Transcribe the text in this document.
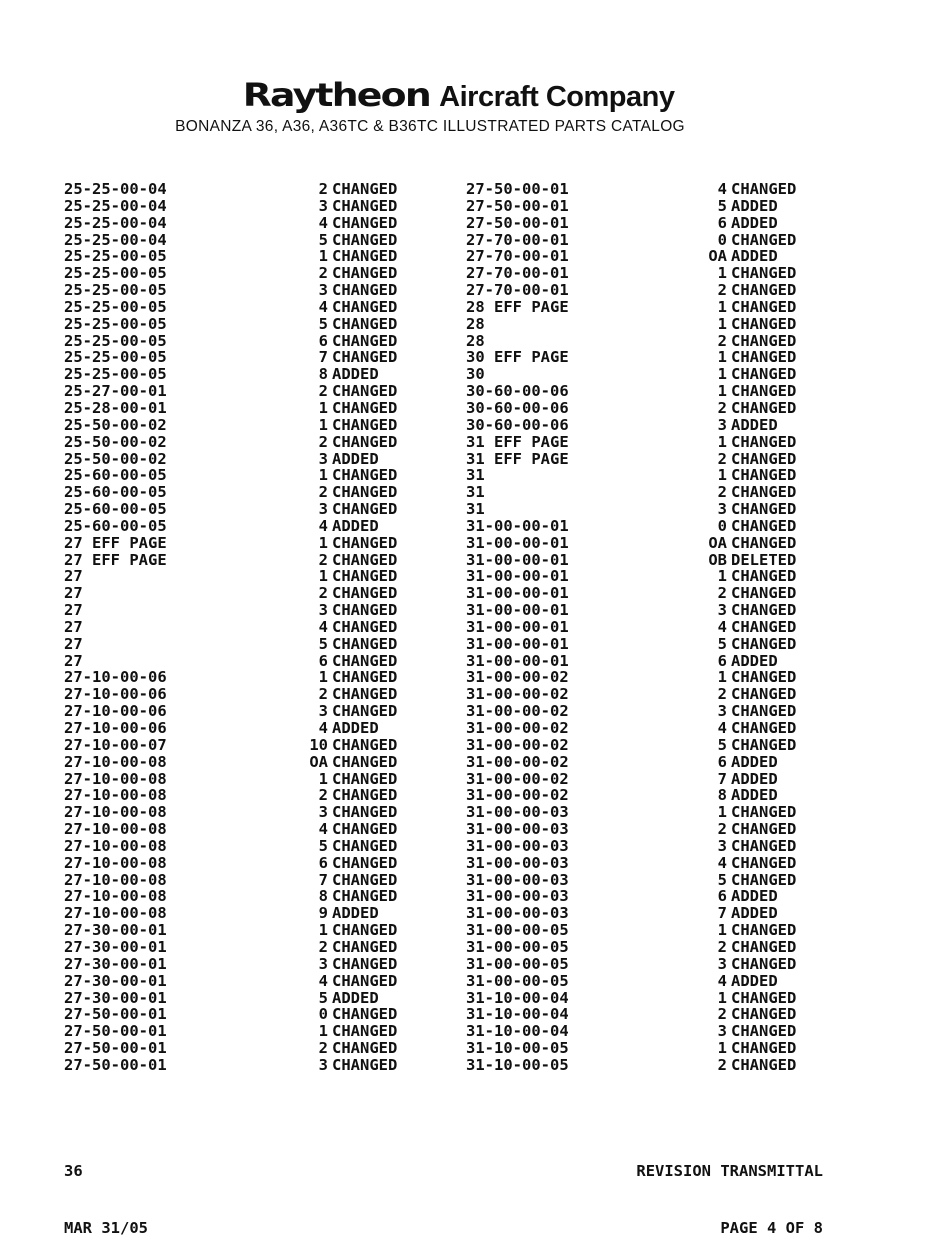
Raytheon Aircraft Company
BONANZA 36, A36, A36TC & B36TC ILLUSTRATED PARTS CATALOG
25-25-00-04
25-25-00-04
25-25-00-04
25-25-00-04
25-25-00-05
25-25-00-05
25-25-00-05
25-25-00-05
25-25-00-05
25-25-00-05
25-25-00-05
25-25-00-05
25-27-00-01
25-28-00-01
25-50-00-02
25-50-00-02
25-50-00-02
25-60-00-05
25-60-00-05
25-60-00-05
25-60-00-05
27 EFF PAGE
27 EFF PAGE
27
27
27
27
27
27
27-10-00-06
27-10-00-06
27-10-00-06
27-10-00-06
27-10-00-07
27-10-00-08
27-10-00-08
27-10-00-08
27-10-00-08
27-10-00-08
27-10-00-08
27-10-00-08
27-10-00-08
27-10-00-08
27-10-00-08
27-30-00-01
27-30-00-01
27-30-00-01
27-30-00-01
27-30-00-01
27-50-00-01
27-50-00-01
27-50-00-01
27-50-00-01
2 CHANGED
3 CHANGED
4 CHANGED
5 CHANGED
1 CHANGED
2 CHANGED
3 CHANGED
4 CHANGED
5 CHANGED
6 CHANGED
7 CHANGED
8 ADDED
2 CHANGED
1 CHANGED
1 CHANGED
2 CHANGED
3 ADDED
1 CHANGED
2 CHANGED
3 CHANGED
4 ADDED
1 CHANGED
2 CHANGED
1 CHANGED
2 CHANGED
3 CHANGED
4 CHANGED
5 CHANGED
6 CHANGED
1 CHANGED
2 CHANGED
3 CHANGED
4 ADDED
10 CHANGED
OA CHANGED
1 CHANGED
2 CHANGED
3 CHANGED
4 CHANGED
5 CHANGED
6 CHANGED
7 CHANGED
8 CHANGED
9 ADDED
1 CHANGED
2 CHANGED
3 CHANGED
4 CHANGED
5 ADDED
0 CHANGED
1 CHANGED
2 CHANGED
3 CHANGED
27-50-00-01
27-50-00-01
27-50-00-01
27-70-00-01
27-70-00-01
27-70-00-01
27-70-00-01
28 EFF PAGE
28
28
30 EFF PAGE
30
30-60-00-06
30-60-00-06
30-60-00-06
31 EFF PAGE
31 EFF PAGE
31
31
31
31-00-00-01
31-00-00-01
31-00-00-01
31-00-00-01
31-00-00-01
31-00-00-01
31-00-00-01
31-00-00-01
31-00-00-01
31-00-00-02
31-00-00-02
31-00-00-02
31-00-00-02
31-00-00-02
31-00-00-02
31-00-00-02
31-00-00-02
31-00-00-03
31-00-00-03
31-00-00-03
31-00-00-03
31-00-00-03
31-00-00-03
31-00-00-03
31-00-00-05
31-00-00-05
31-00-00-05
31-00-00-05
31-10-00-04
31-10-00-04
31-10-00-04
31-10-00-05
31-10-00-05
4 CHANGED
5 ADDED
6 ADDED
0 CHANGED
OA ADDED
1 CHANGED
2 CHANGED
1 CHANGED
1 CHANGED
2 CHANGED
1 CHANGED
1 CHANGED
1 CHANGED
2 CHANGED
3 ADDED
1 CHANGED
2 CHANGED
1 CHANGED
2 CHANGED
3 CHANGED
0 CHANGED
OA CHANGED
OB DELETED
1 CHANGED
2 CHANGED
3 CHANGED
4 CHANGED
5 CHANGED
6 ADDED
1 CHANGED
2 CHANGED
3 CHANGED
4 CHANGED
5 CHANGED
6 ADDED
7 ADDED
8 ADDED
1 CHANGED
2 CHANGED
3 CHANGED
4 CHANGED
5 CHANGED
6 ADDED
7 ADDED
1 CHANGED
2 CHANGED
3 CHANGED
4 ADDED
1 CHANGED
2 CHANGED
3 CHANGED
1 CHANGED
2 CHANGED

36

MAR 31/05

REVISION TRANSMITTAL

PAGE 4 OF 8
